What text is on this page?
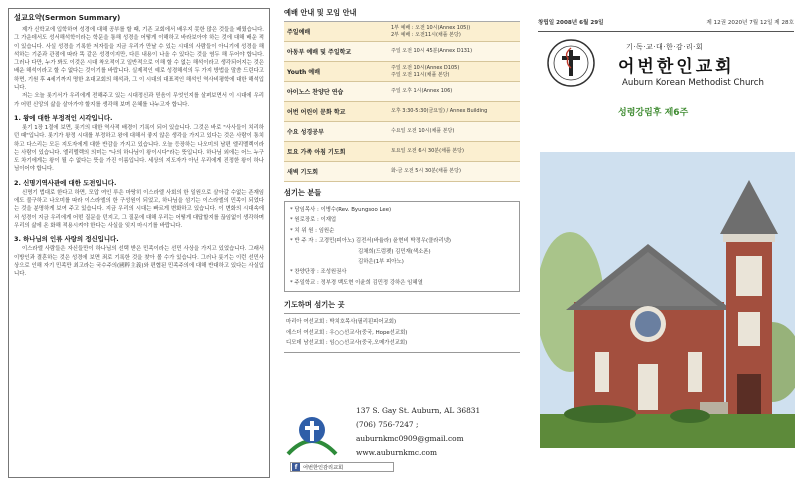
설교요약(Sermon Summary)

제가 신학교에 입학하여 성경에 대해 공부를 할 때, 기존 교회에서 배우지 못한 많은 것들을 배웠습니다. 그 가운데서도 성서해석학이라는 학문을 통해 성경을 어떻게 이해하고 바라보아야 하는 것에 대해 배운 적이 있습니다. 사실 성경을 기록한 저자들을 지금 우리가 만날 수 있는 시대의 사람들이 아니기에 성경을 해석하는 기준과 관점에 따라 똑 같은 성경이지만, 다른 내용이 나올 수 있다는 것을 염두 해 두어야 합니다. 그러나 다만, 누가 봐도 이것은 시대 착오적이고 일반적으로 이해 할 수 없는 해석이라고 생각되어지는 것은 배운 해석이라고 할 수 없다는 것이기를 바랍니다. 실제적인 예로 성경해석의 두 가지 방법을 말씀 드린다고 하면, 기원 후 4세기까지 명한 초대교회의 해석과, 그 이 시대의 대표적인 해석인 역사비평학에 대한 해석입니다.

저는 오늘 롯기서가 우리에게 전해주고 있는 시대정신과 믿음이 무엇인지를 살펴보면서 이 시대에 우리가 어떤 신앙의 삶을 살아가야 할지를 생각해 보며 은혜를 나누고자 합니다.

1. 왕에 대한 부정적인 시각입니다.
롯기 1장 1절에 보면, 롯기의 대한 역사적 배경이 기록이 되어 있습니다. 그것은 바로 "사사들이 치리하던 때"입니다. 롯기가 왕정 시대를 부정하고 왕에 대해서 좋지 않은 생각을 가지고 있다는 것은 사람이 통치하고 다스리는 모든 지도자에게 대한 반감을 가지고 있습니다. 오늘 등장하는 나오미의 남편 엘리멜렉이라는 사람이 있습니다. 엘리멜렉의 의미는 "나의 하나님이 왕이시다"라는 뜻입니다. 하나님 외에는 어느 누구도 차기에게는 왕이 될 수 없다는 뜻을 가진 이름입니다. 세상의 지도자가 아닌 우리에게 진정한 왕이 하나님이어야 합니다.
2. 신명기역사관에 대한 도전입니다.
신명기 법대로 한다고 하면, 모압 여인 루은 마땅히 이스라엘 사회의 한 일원으로 살아갈 수없는 존재임에도 불구하고 나오미를 따라 이스라엘의 한 구성원이 되었고, 하나님을 섬기는 이스라엘의 민족이 되었다는 것을 분명하게 보여 주고 있습니다. 지금 우리의 시대는 빠르게 변화하고 있습니다. 이 변화의 시대속에서 성경이 지금 우리에게 어떤 질문을 던지고, 그 질문에 대해 우리는 어떻게 대답할지를 끊임없이 생각하며 우리의 삶에 온 화해 적용시켜야 한다는 사실을 잊지 마시기를 바랍니다.
3. 하나님의 인류 사랑의 정신입니다.
이스라엘 사람들은 자신들만이 하나님의 선택 받은 민족이라는 선민 사상을 가지고 있었습니다. 그래서 이방인과 결혼하는 것은 성경에 보면 죄로 기록한 것을 찾아 볼 수가 있습니다. 그러나 룻기는 이런 선민사상으로 인해 자기 민족만 최고라는 국수주의(國粹主義)와 편협된 민족주의에 대해 반대하고 있다는 사실입니다.
예배 안내 및 모임 안내
주일예배
1부 예배 : 오전 10시(Annex 105))
2부 예배 : 오전11시(채플 본당)
아동부 예배 및 주일학교	주일 오전 10시 45분(Annex D131)
Youth 예배
주일 오전 10시(Annex D105)
주일 오전 11시(채플 본당)
아이노스 찬양단 연습	주일 오후 1시(Annex 106)
어번 어린이 문화 학교	오후 3:30-5:30(금요일) / Annex Building
수요 성경공부	수요일 오전 10시(채플 본당)
토요 가족 아침 기도회	토요일 오전 6시 30분(채플 본당)
새벽 기도회	화-금 오전 5시 30분(채플 본당)
섬기는 분들
* 담임목사 : 이병수(Rev. Byungsoo Lee)
* 원로장로 : 이재업
* 치 위 원 : 임원순
* 반 주 자 : 고경민(피아노) 김전서(바율라) 윤현비 박정우(클라리넷)
김채희(드럼펫) 김민재(색소폰)
김하은(1부 피아노)
* 찬양단장 : 조성원권사
* 주일학교 : 정부경 백도현 이윤희 김민정 강하은 임혜열
기도하며 섬기는 곳
마리아 여선교회 : 박치호목사(필리핀피어교회)
에스더 여선교회 : 우○○선교사(중국, Hope선교회)
디모데 남선교회 : 임○○선교사(중국,오메가선교회)
137 S. Gay St. Auburn, AL 36831
(706) 756-7247 ; auburnkmc0909@gmail.com
www.auburnkmc.com
f	어번한인감리교회
창립일 2008년 6월 29일	제 12권 2020년 7월 12일 제 28호
기·독·교·대·한·감·리·회
어번한인교회
Auburn Korean Methodist Church
성령강림후 제6주
